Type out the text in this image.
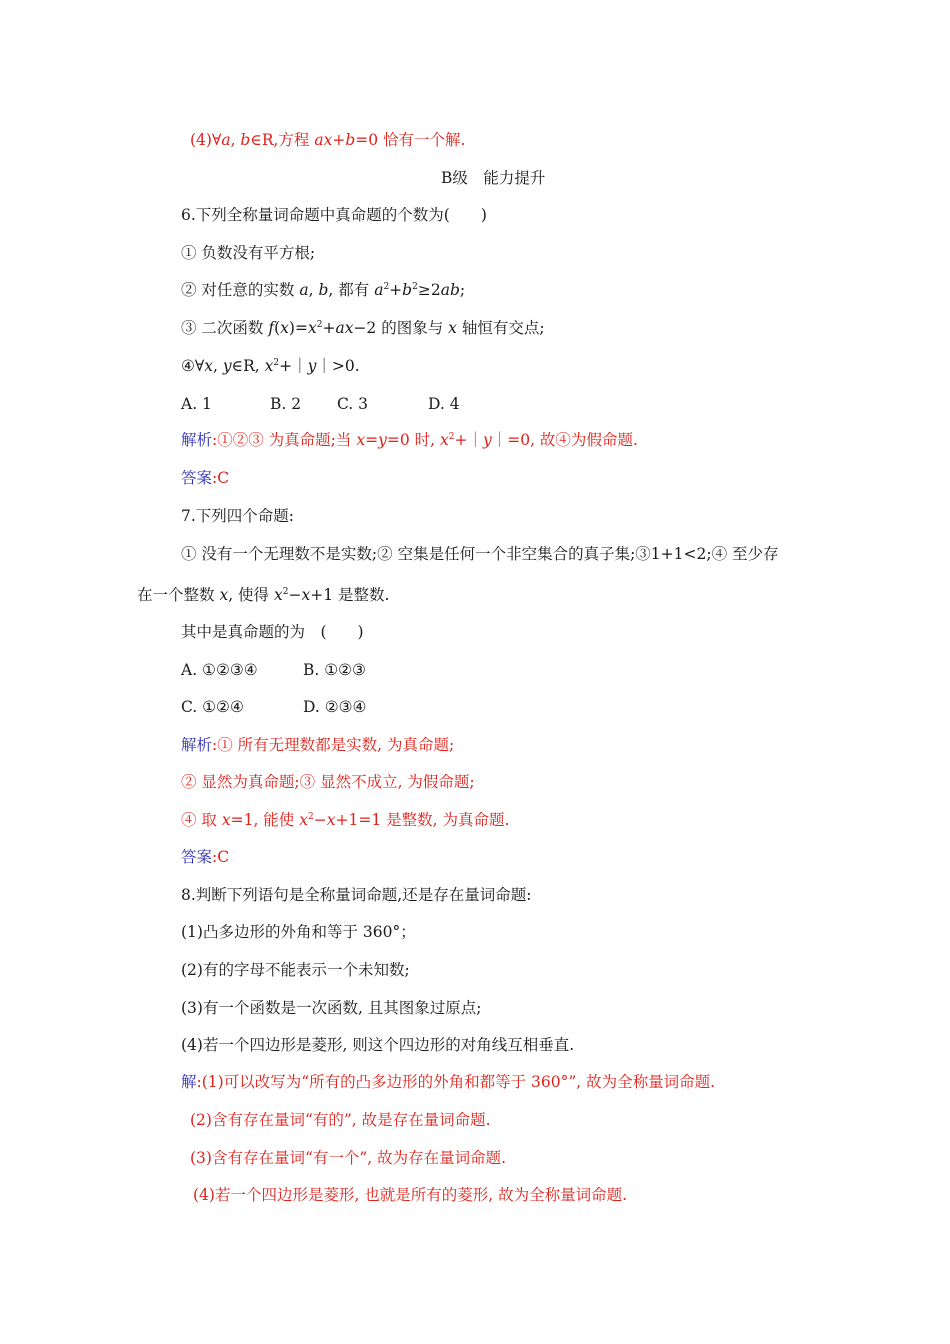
(4)∀a, b∈R,方程 ax+b=0 恰有一个解.
B级　能力提升
6.下列全称量词命题中真命题的个数为(　　)
① 负数没有平方根;
② 对任意的实数 a, b, 都有 $a^2+b^2\ge 2ab$;
③ 二次函数 $f(x)=x^2+ax-2$ 的图象与 x 轴恒有交点;
④∀x, y∈R, $x^2+|y|>0$.
A. 1	B. 2 C. 3	D. 4
解析:①②③ 为真命题;当 x=y=0 时, $x^2+|y|=0$, 故④为假命题.
答案:C
7.下列四个命题:
① 没有一个无理数不是实数;② 空集是任何一个非空集合的真子集;③1+1<2;④ 至少存
在一个整数 x, 使得 $x^2-x+1$ 是整数.
其中是真命题的为　(　　)
A. ①②③④	B. ①②③
C. ①②④	D. ②③④
解析:① 所有无理数都是实数, 为真命题;
② 显然为真命题;③ 显然不成立, 为假命题;
④ 取 x=1, 能使 $x^2-x+1=1$ 是整数, 为真命题.
答案:C
8.判断下列语句是全称量词命题,还是存在量词命题:
(1)凸多边形的外角和等于 360°；
(2)有的字母不能表示一个未知数;
(3)有一个函数是一次函数, 且其图象过原点;
(4)若一个四边形是菱形, 则这个四边形的对角线互相垂直.
解:(1)可以改写为“所有的凸多边形的外角和都等于 360°”, 故为全称量词命题.
(2)含有存在量词“有的”, 故是存在量词命题.
(3)含有存在量词“有一个”, 故为存在量词命题.
(4)若一个四边形是菱形, 也就是所有的菱形, 故为全称量词命题.
